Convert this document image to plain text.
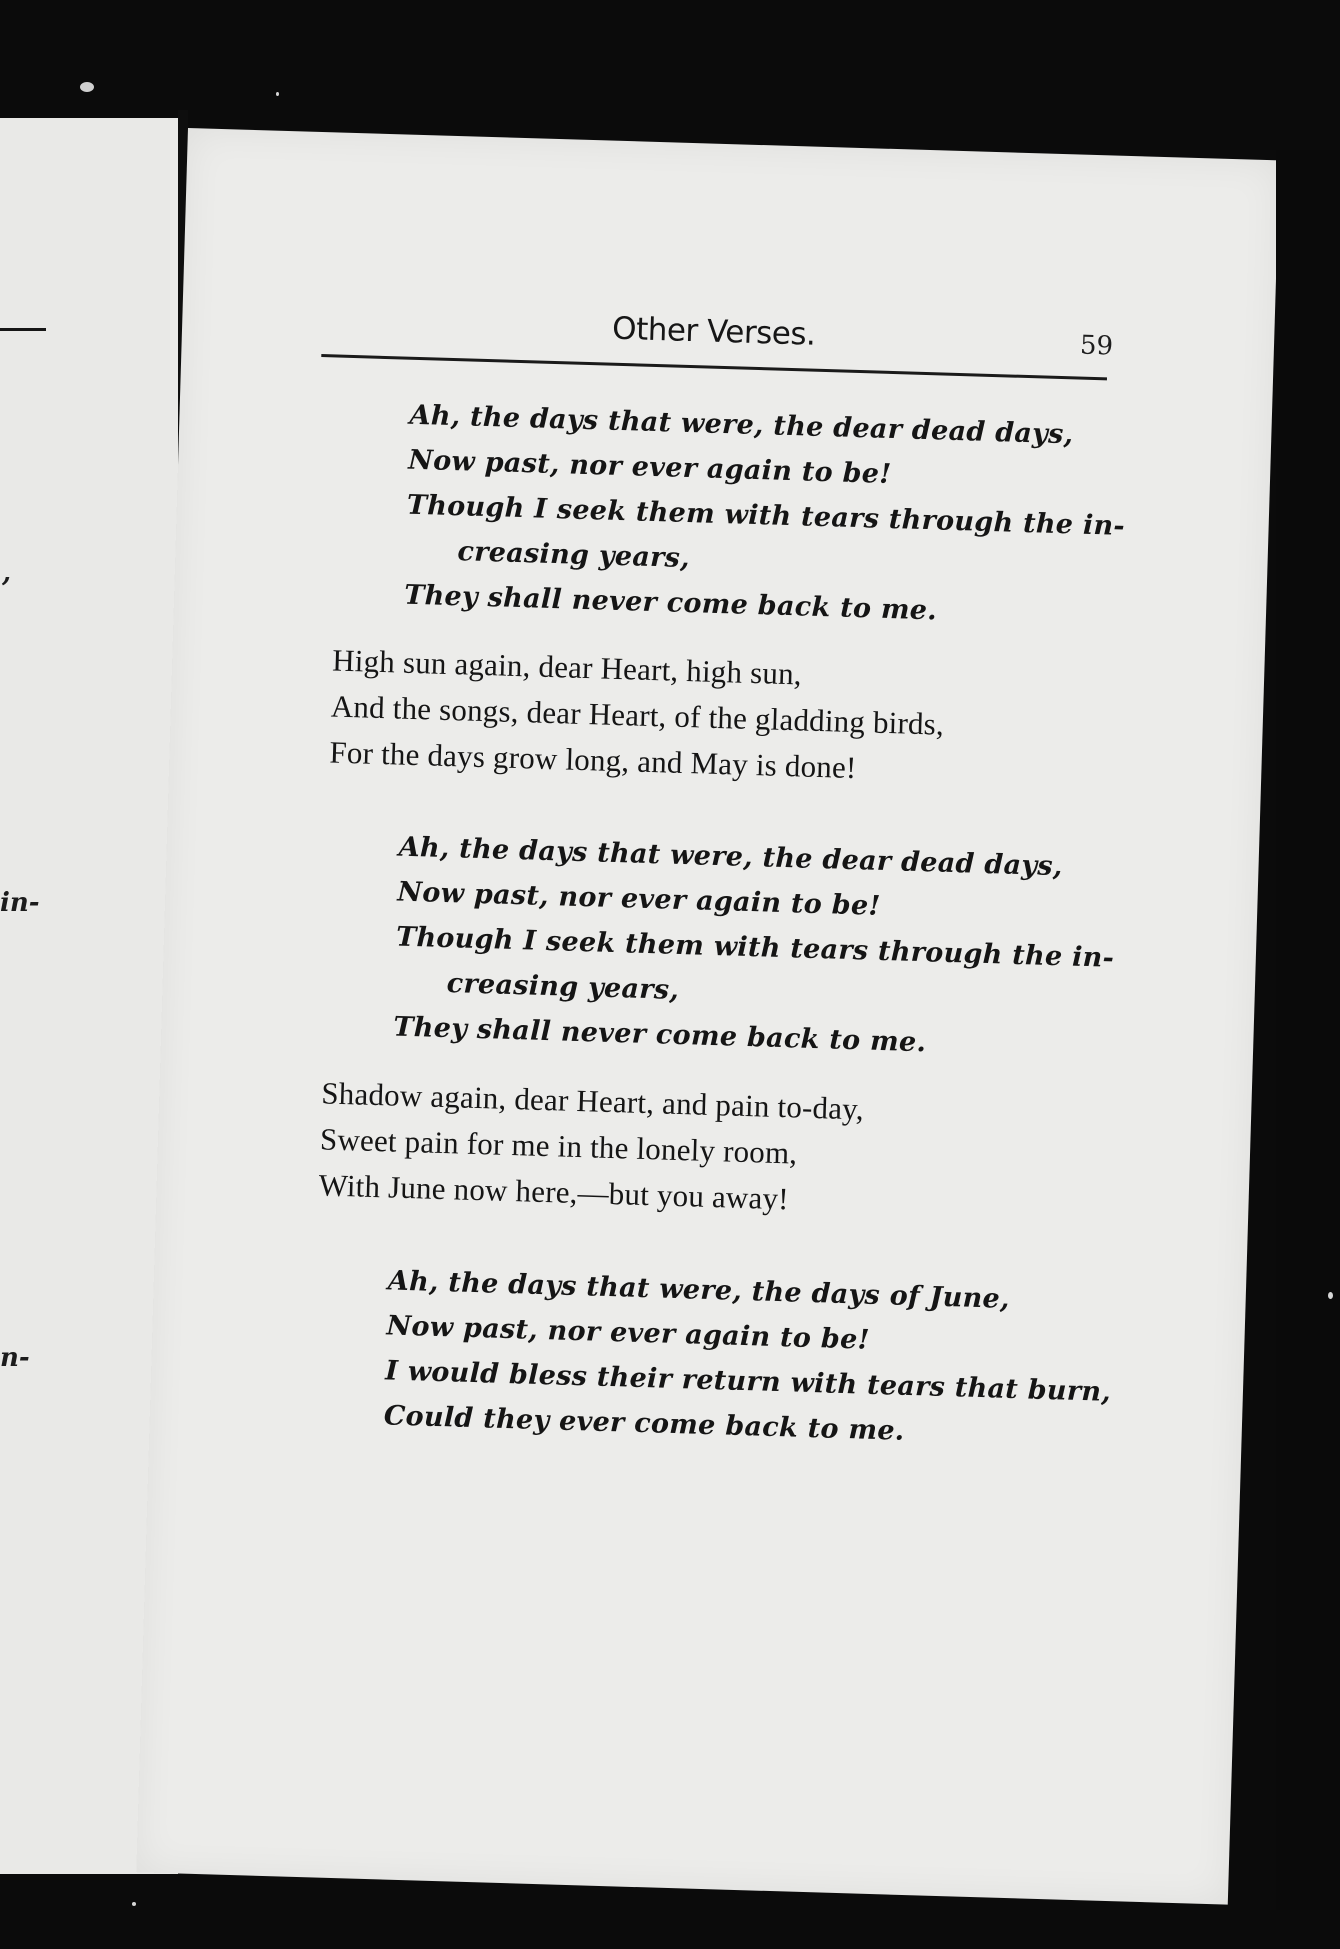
,
in-
n-
Other Verses.	59
Ah, the days that were, the dear dead days,
Now past, nor ever again to be!
Though I seek them with tears through the in-
creasing years,
They shall never come back to me.
High sun again, dear Heart, high sun,
And the songs, dear Heart, of the gladding birds,
For the days grow long, and May is done!
Ah, the days that were, the dear dead days,
Now past, nor ever again to be!
Though I seek them with tears through the in-
creasing years,
They shall never come back to me.
Shadow again, dear Heart, and pain to-day,
Sweet pain for me in the lonely room,
With June now here,—but you away!
Ah, the days that were, the days of June,
Now past, nor ever again to be!
I would bless their return with tears that burn,
Could they ever come back to me.
